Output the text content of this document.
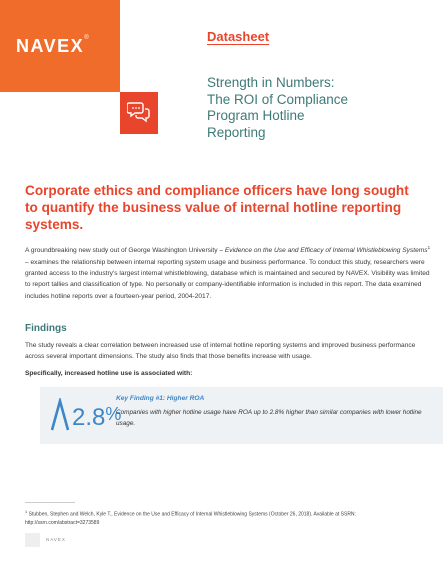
NAVEX®	Datasheet
Strength in Numbers:
The ROI of Compliance
Program Hotline
Reporting
Corporate ethics and compliance officers have long sought to quantify the business value of internal hotline reporting systems.

A groundbreaking new study out of George Washington University – Evidence on the Use and Efficacy of Internal Whistleblowing Systems$^1$ – examines the relationship between internal reporting system usage and business performance. To conduct this study, researchers were granted access to the industry's largest internal whistleblowing, database which is maintained and secured by NAVEX. Visibility was limited to report tallies and classification of type. No personally or company-identifiable information is included in this report. The data examined includes hotline reports over a fourteen-year period, 2004-2017.

Findings

The study reveals a clear correlation between increased use of internal hotline reporting systems and improved business performance across several important dimensions. The study also finds that those benefits increase with usage.

Specifically, increased hotline use is associated with:
2.8%
Key Finding #1: Higher ROA
Companies with higher hotline usage have ROA up to 2.8% higher than similar companies with lower hotline usage.
$^1$ Stubben, Stephen and Welch, Kyle T., Evidence on the Use and Efficacy of Internal Whistleblowing Systems (October 26, 2018). Available at SSRN: http://ssrn.com/abstract=3273589
NAVEX
